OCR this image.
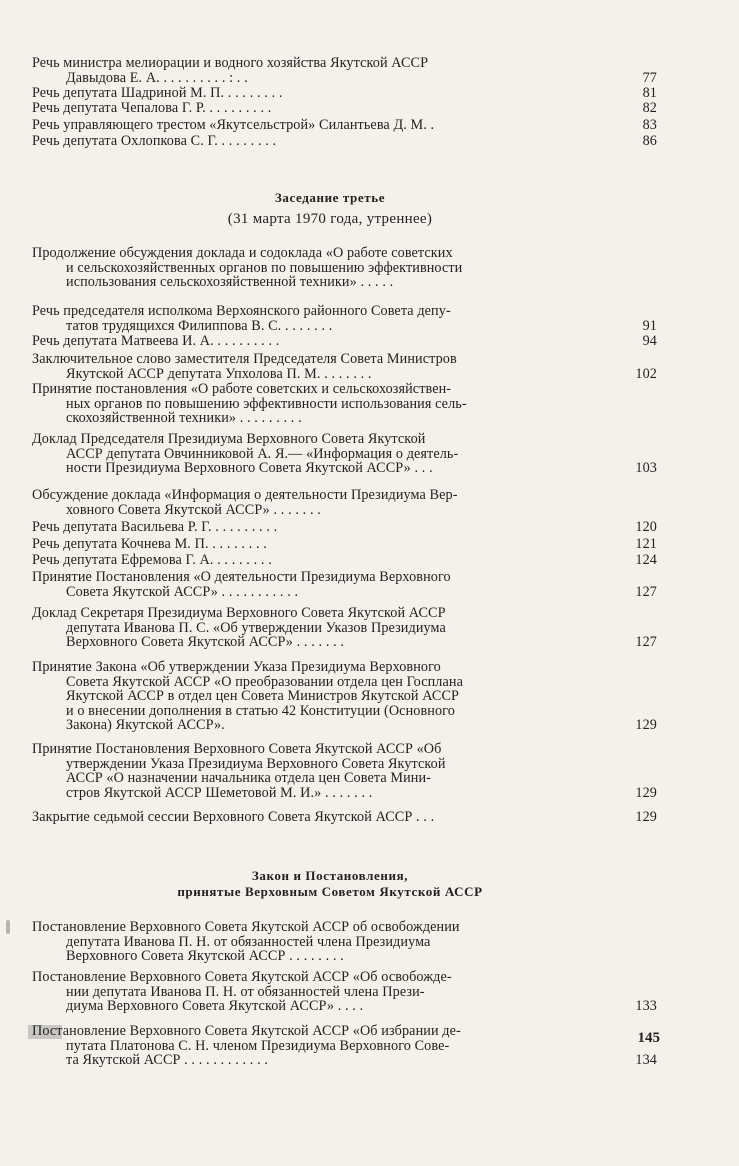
Речь министра мелиорации и водного хозяйства Якутской АССР
Давыдова Е. А. . . . . . . . . . : . .	77
Речь депутата Шадриной М. П. . . . . . . . .	81
Речь депутата Чепалова Г. Р. . . . . . . . . .	82
Речь управляющего трестом «Якутсельстрой» Силантьева Д. М. .	83
Речь депутата Охлопкова С. Г. . . . . . . . .	86
Заседание третье
(31 марта 1970 года, утреннее)
Продолжение обсуждения доклада и содоклада «О работе советских
и сельскохозяйственных органов по повышению эффективности
использования сельскохозяйственной техники» . . . . .
Речь председателя исполкома Верхоянского районного Совета депу-
татов трудящихся Филиппова В. С. . . . . . . .	91
Речь депутата Матвеева И. А. . . . . . . . . .	94
Заключительное слово заместителя Председателя Совета Министров
Якутской АССР депутата Упхолова П. М. . . . . . . .	102
Принятие постановления «О работе советских и сельскохозяйствен-
ных органов по повышению эффективности использования сель-
скохозяйственной техники» . . . . . . . . .
Доклад Председателя Президиума Верховного Совета Якутской
АССР депутата Овчинниковой А. Я.— «Информация о деятель-
ности Президиума Верховного Совета Якутской АССР» . . .	103
Обсуждение доклада «Информация о деятельности Президиума Вер-
ховного Совета Якутской АССР» . . . . . . .
Речь депутата Васильева Р. Г. . . . . . . . . .	120
Речь депутата Кочнева М. П. . . . . . . . .	121
Речь депутата Ефремова Г. А. . . . . . . . .	124
Принятие Постановления «О деятельности Президиума Верховного
Совета Якутской АССР» . . . . . . . . . . .	127
Доклад Секретаря Президиума Верховного Совета Якутской АССР
депутата Иванова П. С. «Об утверждении Указов Президиума
Верховного Совета Якутской АССР» . . . . . . .	127
Принятие Закона «Об утверждении Указа Президиума Верховного
Совета Якутской АССР «О преобразовании отдела цен Госплана
Якутской АССР в отдел цен Совета Министров Якутской АССР
и о внесении дополнения в статью 42 Конституции (Основного
Закона) Якутской АССР».	129
Принятие Постановления Верховного Совета Якутской АССР «Об
утверждении Указа Президиума Верховного Совета Якутской
АССР «О назначении начальника отдела цен Совета Мини-
стров Якутской АССР Шеметовой М. И.» . . . . . . .	129
Закрытие седьмой сессии Верховного Совета Якутской АССР . . .	129
Закон и Постановления,
принятые Верховным Советом Якутской АССР
Постановление Верховного Совета Якутской АССР об освобождении
депутата Иванова П. Н. от обязанностей члена Президиума
Верховного Совета Якутской АССР . . . . . . . .
Постановление Верховного Совета Якутской АССР «Об освобожде-
нии депутата Иванова П. Н. от обязанностей члена Прези-
диума Верховного Совета Якутской АССР» . . . .	133
Постановление Верховного Совета Якутской АССР «Об избрании де-
путата Платонова С. Н. членом Президиума Верховного Сове-
та Якутской АССР . . . . . . . . . . . .	134
145
